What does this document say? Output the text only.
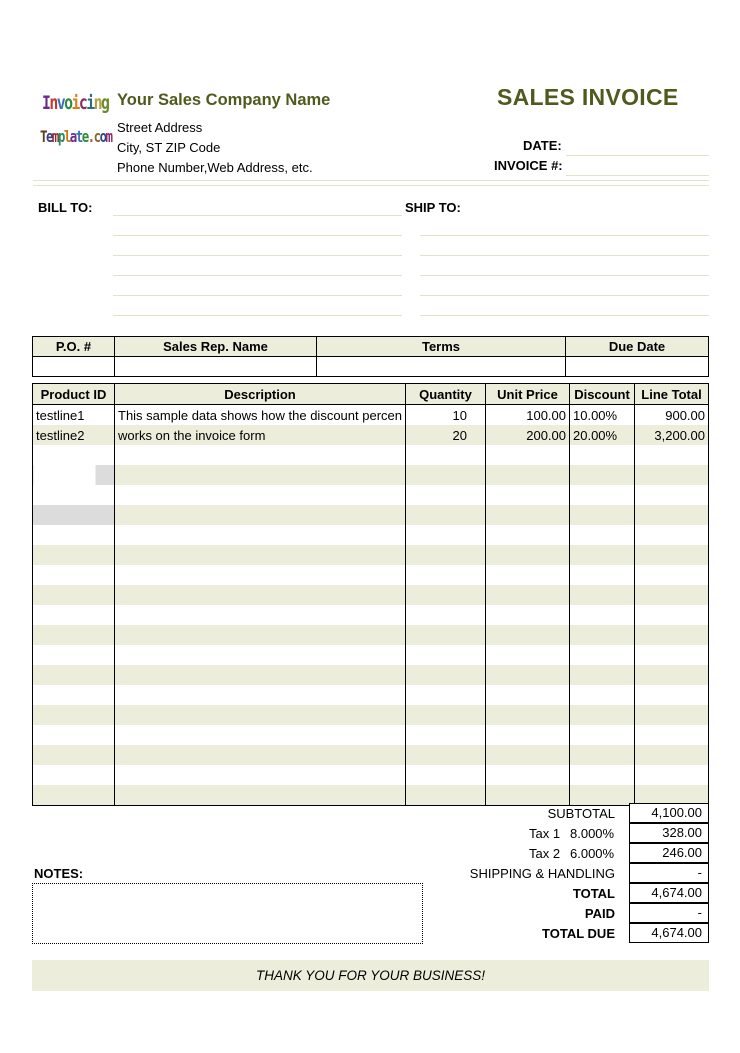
Invoicing
Template.com
Your Sales Company Name
Street Address
City, ST ZIP Code
Phone Number,Web Address, etc.
SALES INVOICE
DATE:
INVOICE #:
BILL TO:	SHIP TO:
P.O. #	Sales Rep. Name	Terms	Due Date

Product ID	Description	Quantity	Unit Price	Discount	Line Total
testline1	This sample data shows how the discount percen	10	100.00	10.00%	900.00
testline2	works on the invoice form	20	200.00	20.00%	3,200.00

SUBTOTAL	4,100.00
Tax 1 8.000%	328.00
Tax 2 6.000%	246.00
SHIPPING & HANDLING	-
TOTAL	4,674.00
PAID	-
TOTAL DUE	4,674.00
NOTES:
THANK YOU FOR YOUR BUSINESS!
